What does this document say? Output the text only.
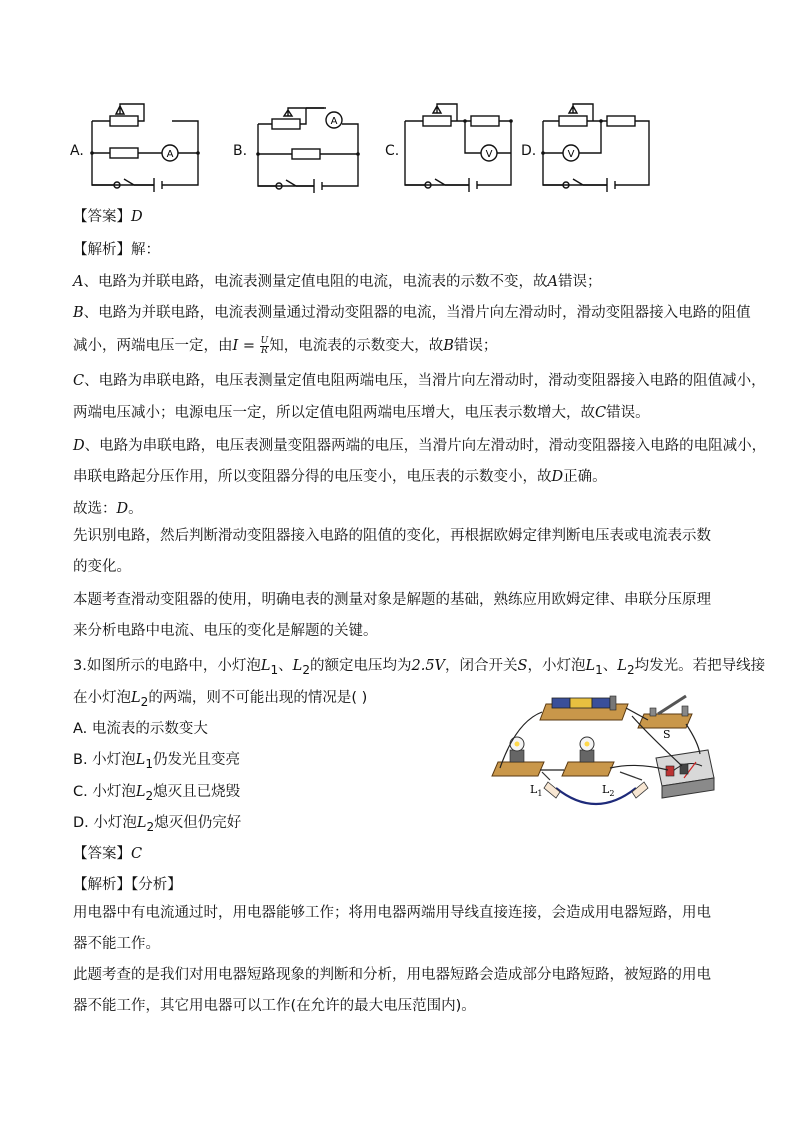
A.	A	B.
A
C.	V D.	V

【答案】D

【解析】解：

A、电路为并联电路，电流表测量定值电阻的电流，电流表的示数不变，故A错误；

B、电路为并联电路，电流表测量通过滑动变阻器的电流，当滑片向左滑动时，滑动变阻器接入电路的阻值

减小，两端电压一定，由$I = \frac{U}{R}$ 知，电流表的示数变大，故B错误；

C、电路为串联电路，电压表测量定值电阻两端电压，当滑片向左滑动时，滑动变阻器接入电路的阻值减小，

两端电压减小；电源电压一定，所以定值电阻两端电压增大，电压表示数增大，故C错误。

D、电路为串联电路，电压表测量变阻器两端的电压，当滑片向左滑动时，滑动变阻器接入电路的电阻减小，

串联电路起分压作用，所以变阻器分得的电压变小，电压表的示数变小，故D正确。

故选：D。

先识别电路，然后判断滑动变阻器接入电路的阻值的变化，再根据欧姆定律判断电压表或电流表示数的变化。

本题考查滑动变阻器的使用，明确电表的测量对象是解题的基础，熟练应用欧姆定律、串联分压原理来分析电路中电流、电压的变化是解题的关键。

3.如图所示的电路中，小灯泡$L_1$、$L_2$的额定电压均为2.5V，闭合开关S，小灯泡$L_1$、$L_2$均发光。若把导线接

在小灯泡$L_2$的两端，则不可能出现的情况是( )

A. 电流表的示数变大

B. 小灯泡$L_1$仍发光且变亮

C. 小灯泡$L_2$熄灭且已烧毁

D. 小灯泡$L_2$熄灭但仍完好

S
$L_1$	$L_2$

【答案】C

【解析】【分析】

用电器中有电流通过时，用电器能够工作；将用电器两端用导线直接连接，会造成用电器短路，用电器不能工作。

此题考查的是我们对用电器短路现象的判断和分析，用电器短路会造成部分电路短路，被短路的用电器不能工作，其它用电器可以工作(在允许的最大电压范围内)。
